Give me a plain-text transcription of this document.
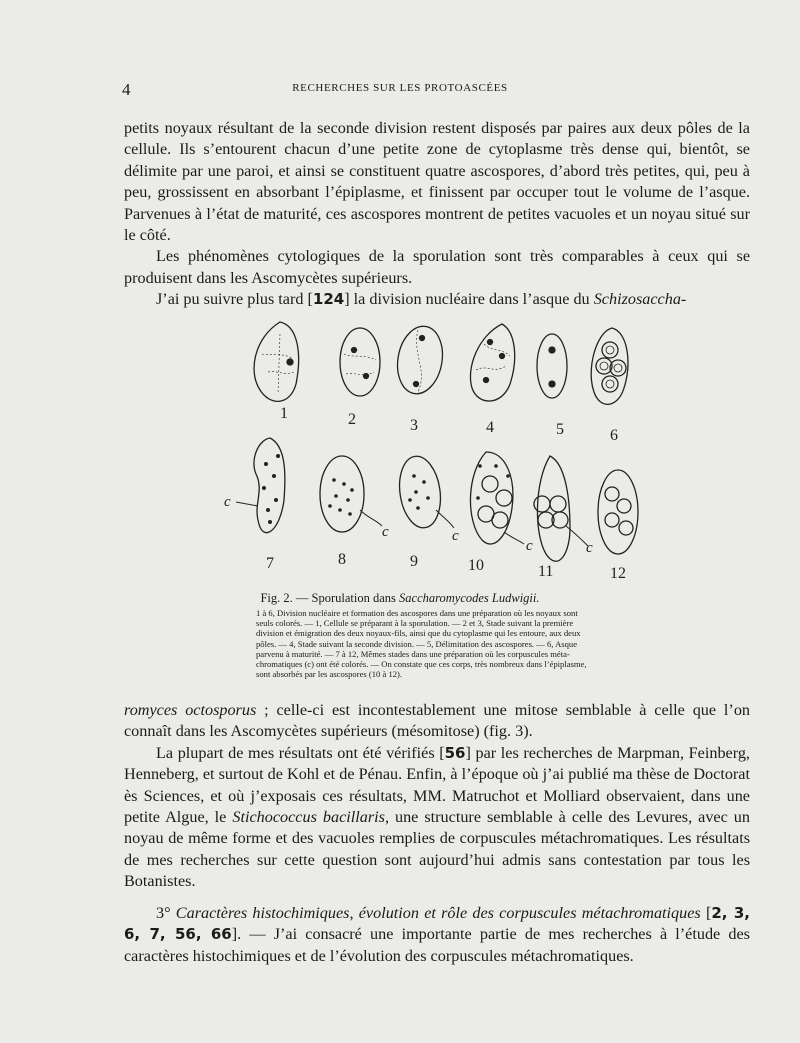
4	RECHERCHES SUR LES PROTOASCÉES

petits noyaux résultant de la seconde division restent disposés par paires aux deux pôles de la cellule. Ils s’entourent chacun d’une petite zone de cytoplasme très dense qui, bientôt, se délimite par une paroi, et ainsi se constituent quatre ascospores, d’abord très petites, qui, peu à peu, grossissent en absorbant l’épiplasme, et finissent par occuper tout le volume de l’asque. Parvenues à l’état de maturité, ces ascospores montrent de petites vacuoles et un noyau situé sur le côté.

Les phénomènes cytologiques de la sporulation sont très comparables à ceux qui se produisent dans les Ascomycètes supérieurs.

J’ai pu suivre plus tard [124] la division nucléaire dans l’asque du Schizosaccha-

1	2	3	4	5	6
7	8	9	10	11	12
c
c	c
c	c
Fig. 2. — Sporulation dans Saccharomycodes Ludwigii.
1 à 6, Division nucléaire et formation des ascospores dans une préparation où les noyaux sont
seuls colorés. — 1, Cellule se préparant à la sporulation. — 2 et 3, Stade suivant la première
division et émigration des deux noyaux-fils, ainsi que du cytoplasme qui les entoure, aux deux
pôles. — 4, Stade suivant la seconde division. — 5, Délimitation des ascospores. — 6, Asque
parvenu à maturité. — 7 à 12, Mêmes stades dans une préparation où les corpuscules méta-
chromatiques (c) ont été colorés. — On constate que ces corps, très nombreux dans l’épiplasme,
sont absorbés par les ascospores (10 à 12).

romyces octosporus ; celle-ci est incontestablement une mitose semblable à celle que l’on connaît dans les Ascomycètes supérieurs (mésomitose) (fig. 3).

La plupart de mes résultats ont été vérifiés [56] par les recherches de Marpman, Feinberg, Henneberg, et surtout de Kohl et de Pénau. Enfin, à l’époque où j’ai publié ma thèse de Doctorat ès Sciences, et où j’exposais ces résultats, MM. Matruchot et Molliard observaient, dans une petite Algue, le Stichococcus bacillaris, une structure semblable à celle des Levures, avec un noyau de même forme et des vacuoles remplies de corpuscules métachromatiques. Les résultats de mes recherches sur cette question sont aujourd’hui admis sans contestation par tous les Botanistes.

3° Caractères histochimiques, évolution et rôle des corpuscules métachromatiques [2, 3, 6, 7, 56, 66]. — J’ai consacré une importante partie de mes recherches à l’étude des caractères histochimiques et de l’évolution des corpuscules métachromatiques.
